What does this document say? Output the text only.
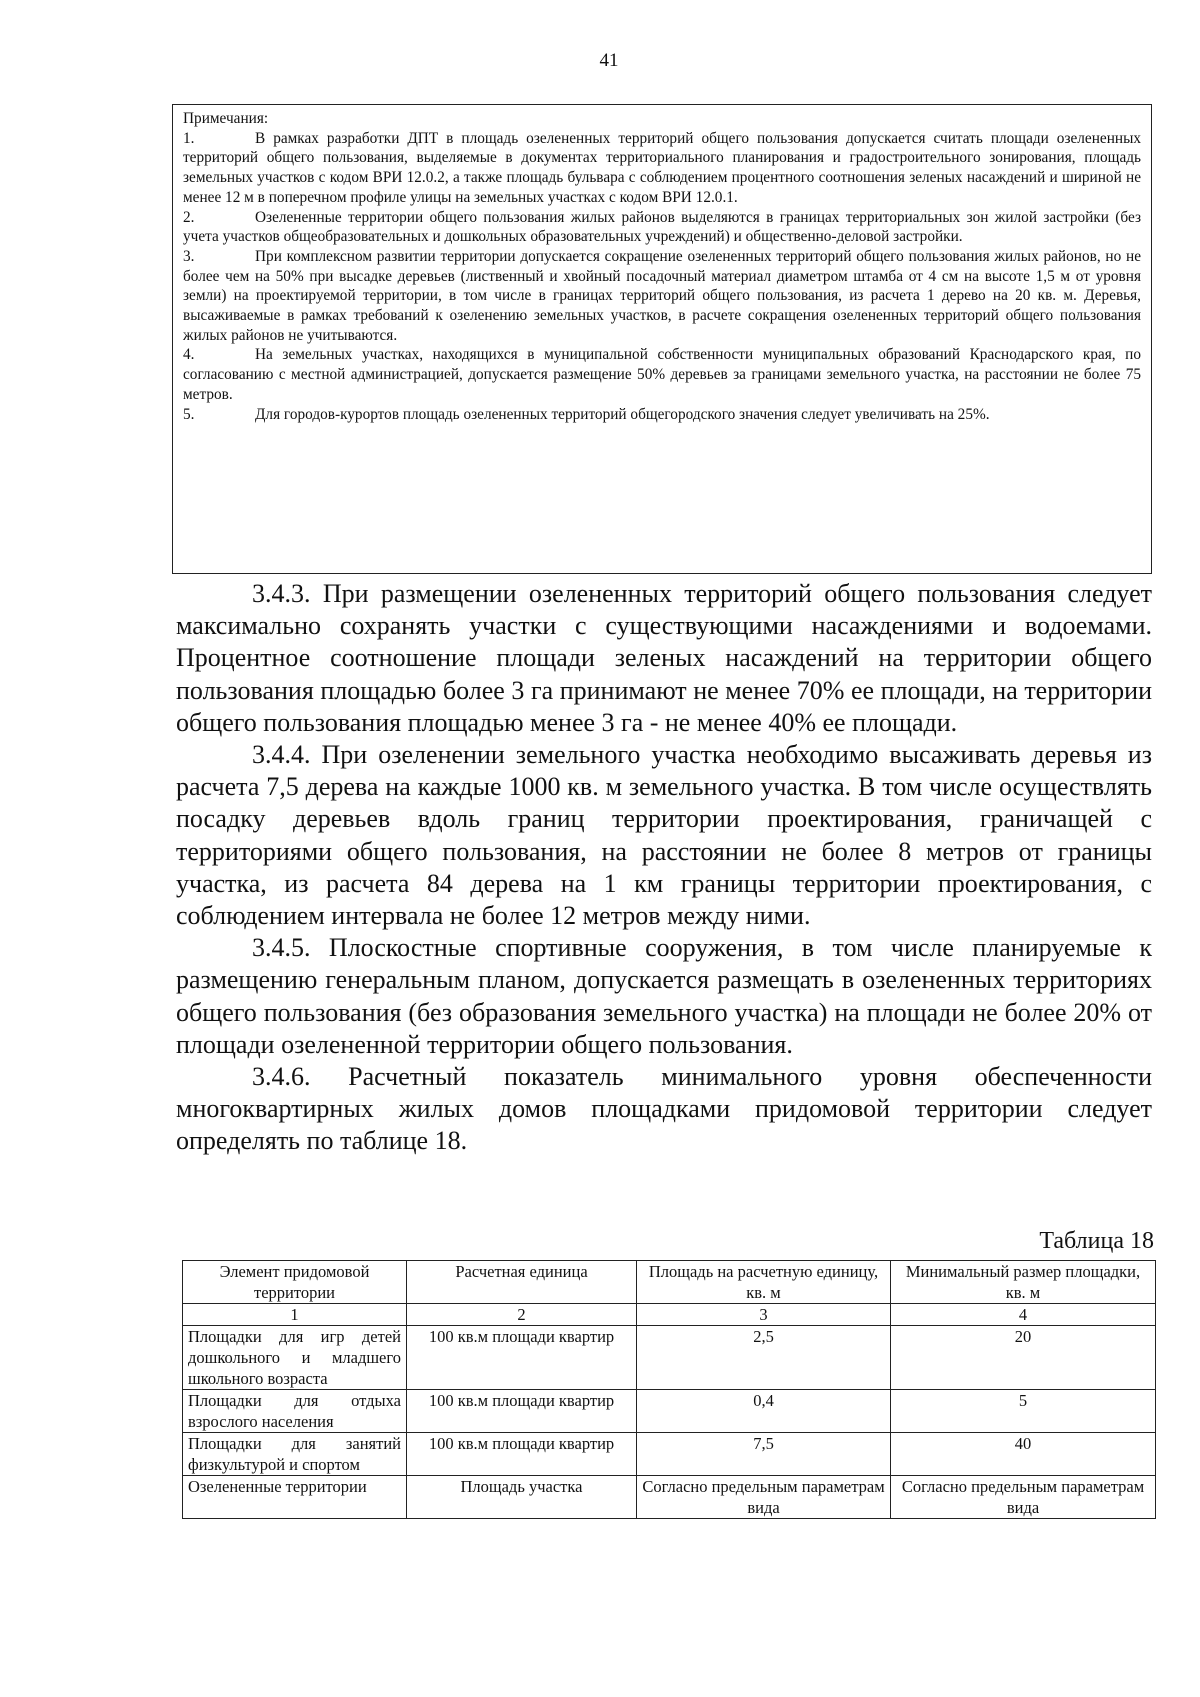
41

Примечания:

1.	В рамках разработки ДПТ в площадь озелененных территорий общего пользования допускается считать площади озелененных территорий общего пользования, выделяемые в документах территориального планирования и градостроительного зонирования, площадь земельных участков с кодом ВРИ 12.0.2, а также площадь бульвара с соблюдением процентного соотношения зеленых насаждений и шириной не менее 12 м в поперечном профиле улицы на земельных участках с кодом ВРИ 12.0.1.

2.	Озелененные территории общего пользования жилых районов выделяются в границах территориальных зон жилой застройки (без учета участков общеобразовательных и дошкольных образовательных учреждений) и общественно-деловой застройки.

3.	При комплексном развитии территории допускается сокращение озелененных территорий общего пользования жилых районов, но не более чем на 50% при высадке деревьев (лиственный и хвойный посадочный материал диаметром штамба от 4 см на высоте 1,5 м от уровня земли) на проектируемой территории, в том числе в границах территорий общего пользования, из расчета 1 дерево на 20 кв. м. Деревья, высаживаемые в рамках требований к озеленению земельных участков, в расчете сокращения озелененных территорий общего пользования жилых районов не учитываются.

4.	На земельных участках, находящихся в муниципальной собственности муниципальных образований Краснодарского края, по согласованию с местной администрацией, допускается размещение 50% деревьев за границами земельного участка, на расстоянии не более 75 метров.

5.	Для городов-курортов площадь озелененных территорий общегородского значения следует увеличивать на 25%.

3.4.3. При размещении озелененных территорий общего пользования следует максимально сохранять участки с существующими насаждениями и водоемами. Процентное соотношение площади зеленых насаждений на территории общего пользования площадью более 3 га принимают не менее 70% ее площади, на территории общего пользования площадью менее 3 га - не менее 40% ее площади.

3.4.4. При озеленении земельного участка необходимо высаживать деревья из расчета 7,5 дерева на каждые 1000 кв. м земельного участка. В том числе осуществлять посадку деревьев вдоль границ территории проектирования, граничащей с территориями общего пользования, на расстоянии не более 8 метров от границы участка, из расчета 84 дерева на 1 км границы территории проектирования, с соблюдением интервала не более 12 метров между ними.

3.4.5. Плоскостные спортивные сооружения, в том числе планируемые к размещению генеральным планом, допускается размещать в озелененных территориях общего пользования (без образования земельного участка) на площади не более 20% от площади озелененной территории общего пользования.

3.4.6. Расчетный показатель минимального уровня обеспеченности многоквартирных жилых домов площадками придомовой территории следует определять по таблице 18.

Таблица 18
Элемент придомовой территории	Расчетная единица	Площадь на расчетную единицу, кв. м	Минимальный размер площадки, кв. м
1	2	3	4
Площадки для игр детей дошкольного и младшего школьного возраста	100 кв.м площади квартир	2,5	20
Площадки для отдыха взрослого населения	100 кв.м площади квартир	0,4	5
Площадки для занятий физкультурой и спортом	100 кв.м площади квартир	7,5	40
Озелененные территории	Площадь участка	Согласно предельным параметрам вида	Согласно предельным параметрам вида
